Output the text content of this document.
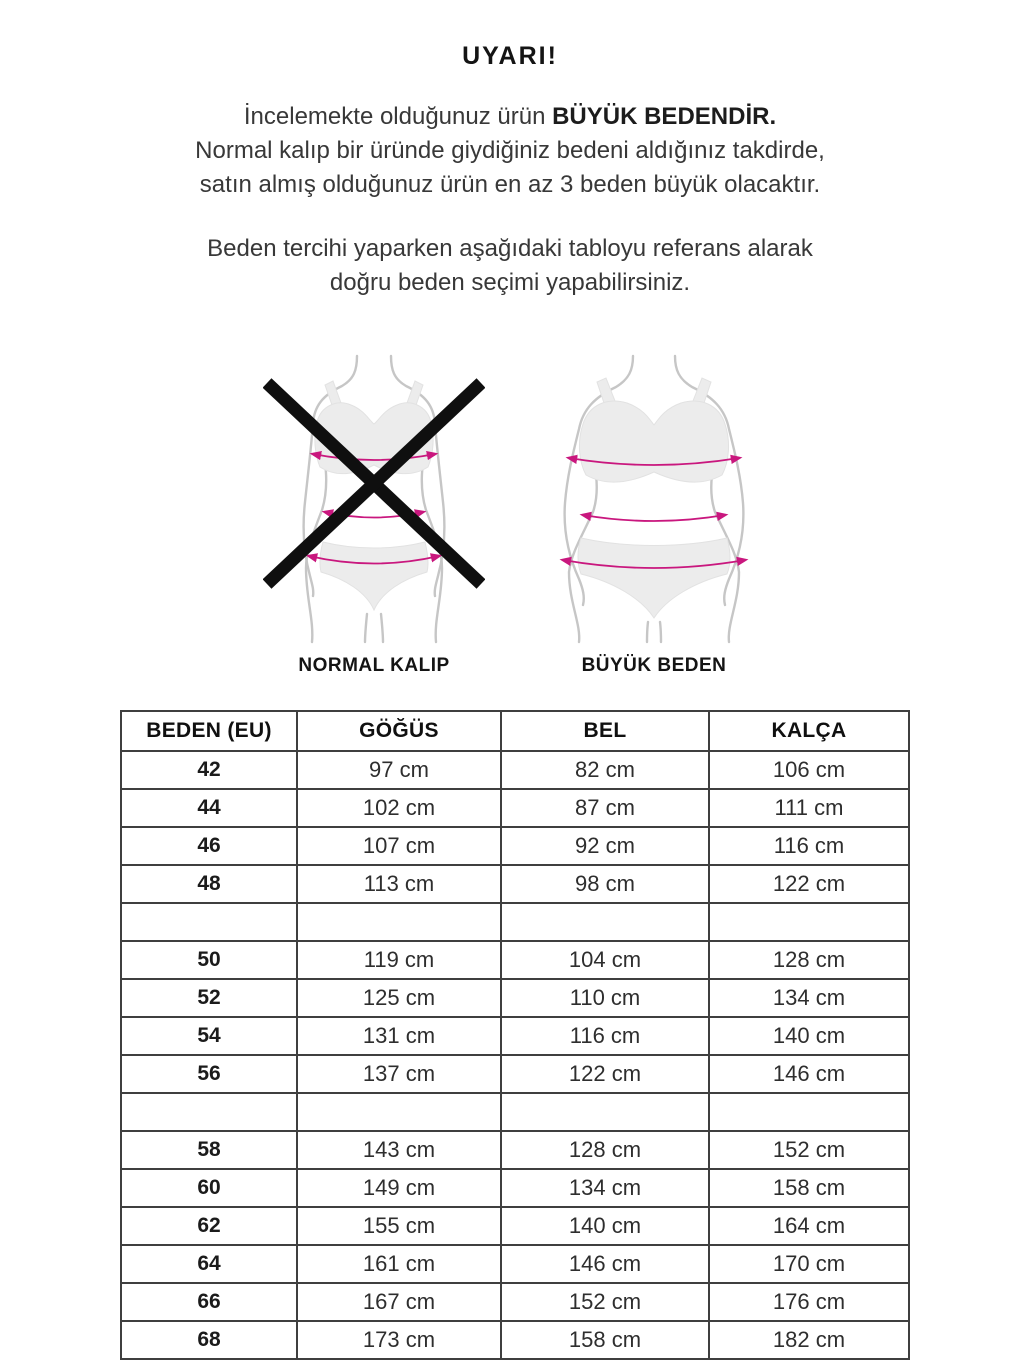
UYARI!

İncelemekte olduğunuz ürün BÜYÜK BEDENDİR.
Normal kalıp bir üründe giydiğiniz bedeni aldığınız takdirde,
satın almış olduğunuz ürün en az 3 beden büyük olacaktır.

Beden tercihi yaparken aşağıdaki tabloyu referans alarak
doğru beden seçimi yapabilirsiniz.

NORMAL KALIP	BÜYÜK BEDEN
BEDEN (EU)	GÖĞÜS	BEL	KALÇA
42	97 cm	82 cm	106 cm
44	102 cm	87 cm	111 cm
46	107 cm	92 cm	116 cm
48	113 cm	98 cm	122 cm

50	119 cm	104 cm	128 cm
52	125 cm	110 cm	134 cm
54	131 cm	116 cm	140 cm
56	137 cm	122 cm	146 cm

58	143 cm	128 cm	152 cm
60	149 cm	134 cm	158 cm
62	155 cm	140 cm	164 cm
64	161 cm	146 cm	170 cm
66	167 cm	152 cm	176 cm
68	173 cm	158 cm	182 cm
